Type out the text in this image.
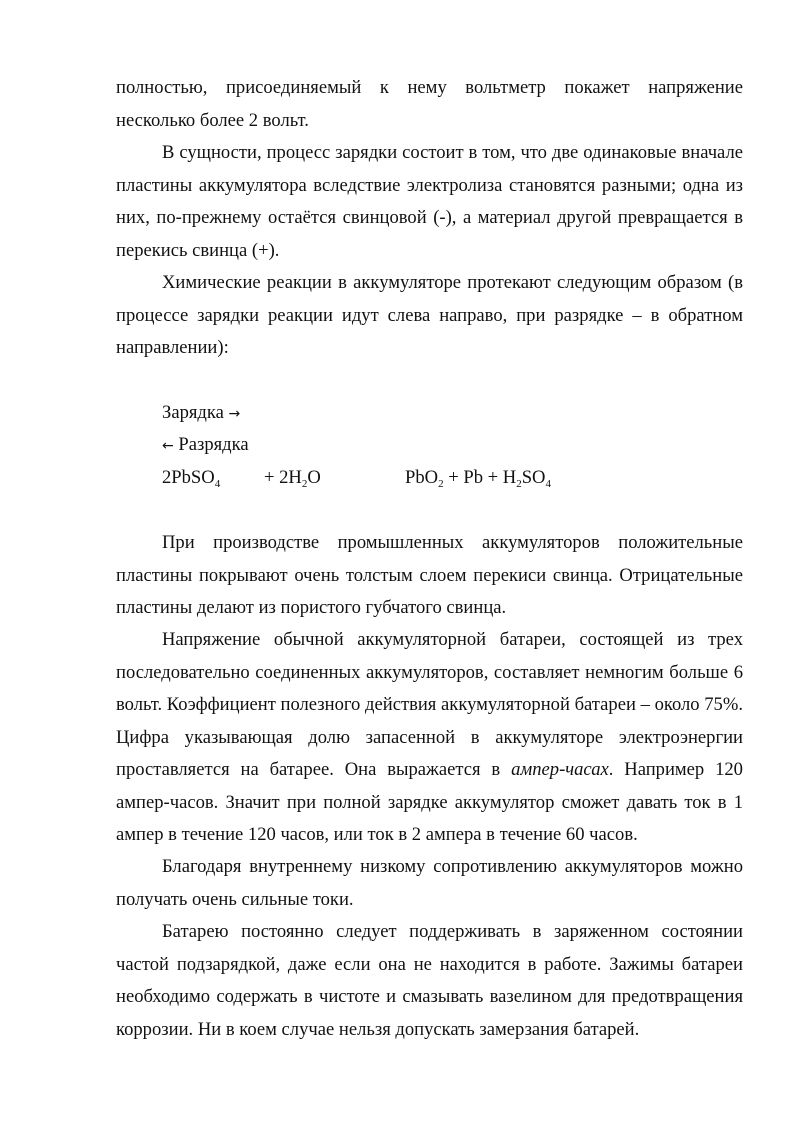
полностью, присоединяемый к нему вольтметр покажет напряжение несколько более 2 вольт.

В сущности, процесс зарядки состоит в том, что две одинаковые вначале пластины аккумулятора вследствие электролиза становятся разными; одна из них, по-прежнему остаётся свинцовой (-), а материал другой превращается в перекись свинца (+).

Химические реакции в аккумуляторе протекают следующим образом (в процессе зарядки реакции идут слева направо, при разрядке – в обратном направлении):

Зарядка →
← Разрядка
2PbSO$_4$ + $2H_2O$	$PbO_2 + Pb + H_2SO_4$

При производстве промышленных аккумуляторов положительные пластины покрывают очень толстым слоем перекиси свинца. Отрицательные пластины делают из пористого губчатого свинца.

Напряжение обычной аккумуляторной батареи, состоящей из трех последовательно соединенных аккумуляторов, составляет немногим больше 6 вольт. Коэффициент полезного действия аккумуляторной батареи – около 75%. Цифра указывающая долю запасенной в аккумуляторе электроэнергии проставляется на батарее. Она выражается в ампер-часах. Например 120 ампер-часов. Значит при полной зарядке аккумулятор сможет давать ток в 1 ампер в течение 120 часов, или ток в 2 ампера в течение 60 часов.

Благодаря внутреннему низкому сопротивлению аккумуляторов можно получать очень сильные токи.

Батарею постоянно следует поддерживать в заряженном состоянии частой подзарядкой, даже если она не находится в работе. Зажимы батареи необходимо содержать в чистоте и смазывать вазелином для предотвращения коррозии. Ни в коем случае нельзя допускать замерзания батарей.
